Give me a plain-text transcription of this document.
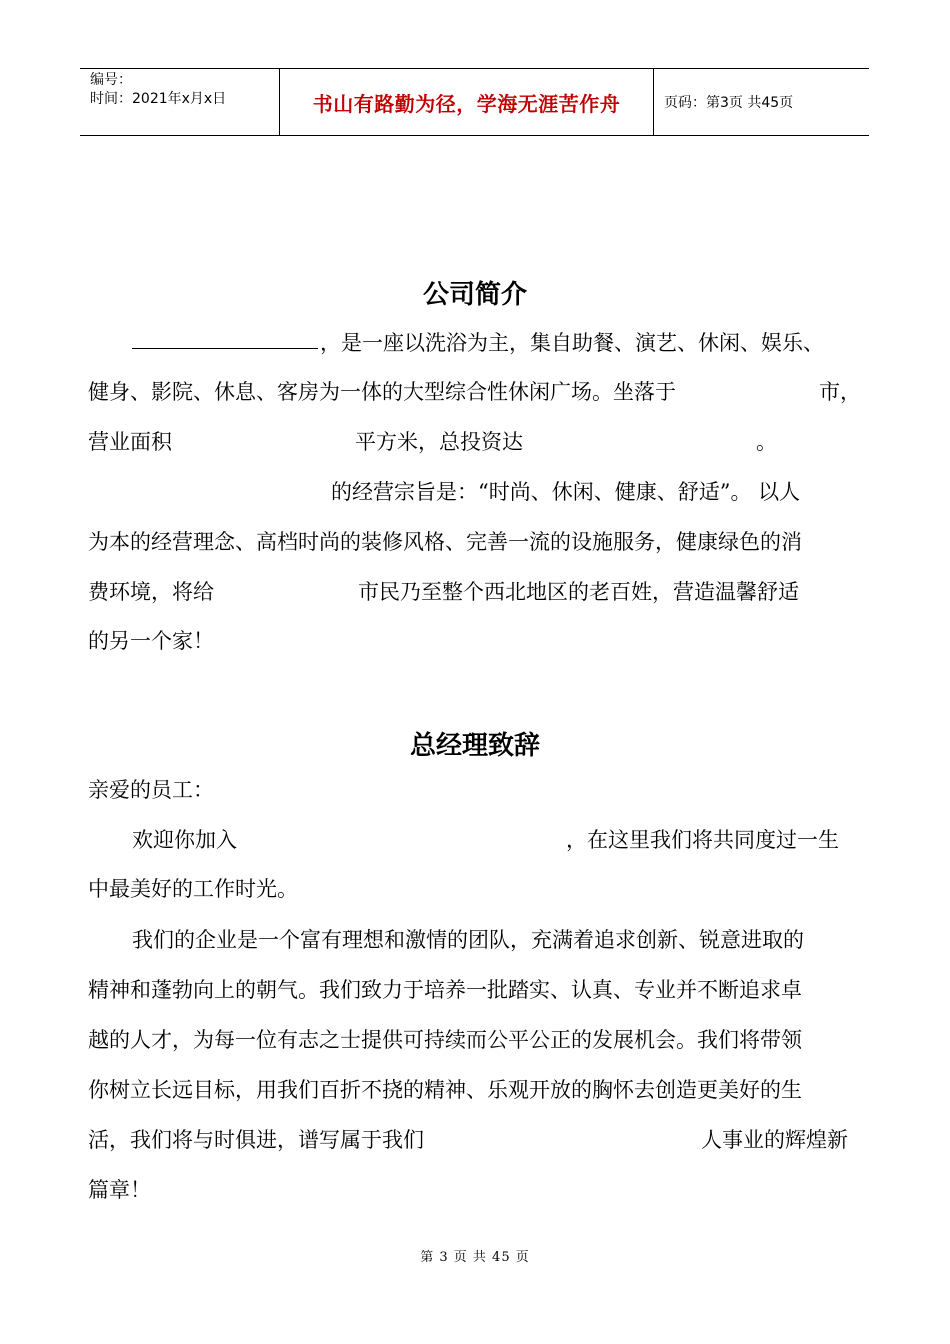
编号：
时间：2021年x月x日	书山有路勤为径，学海无涯苦作舟	页码：第3页 共45页
公司简介
，是一座以洗浴为主，集自助餐、演艺、休闲、娱乐、
健身、影院、休息、客房为一体的大型综合性休闲广场。坐落于	市，
营业面积	平方米，总投资达	。
的经营宗旨是：“时尚、休闲、健康、舒适”。 以人
为本的经营理念、高档时尚的装修风格、完善一流的设施服务，健康绿色的消
费环境，将给	市民乃至整个西北地区的老百姓，营造温馨舒适
的另一个家！
总经理致辞
亲爱的员工：
欢迎你加入	，在这里我们将共同度过一生
中最美好的工作时光。
我们的企业是一个富有理想和激情的团队，充满着追求创新、锐意进取的
精神和蓬勃向上的朝气。我们致力于培养一批踏实、认真、专业并不断追求卓
越的人才，为每一位有志之士提供可持续而公平公正的发展机会。我们将带领
你树立长远目标，用我们百折不挠的精神、乐观开放的胸怀去创造更美好的生
活，我们将与时俱进，谱写属于我们	人事业的辉煌新
篇章！
第 3 页 共 45 页
